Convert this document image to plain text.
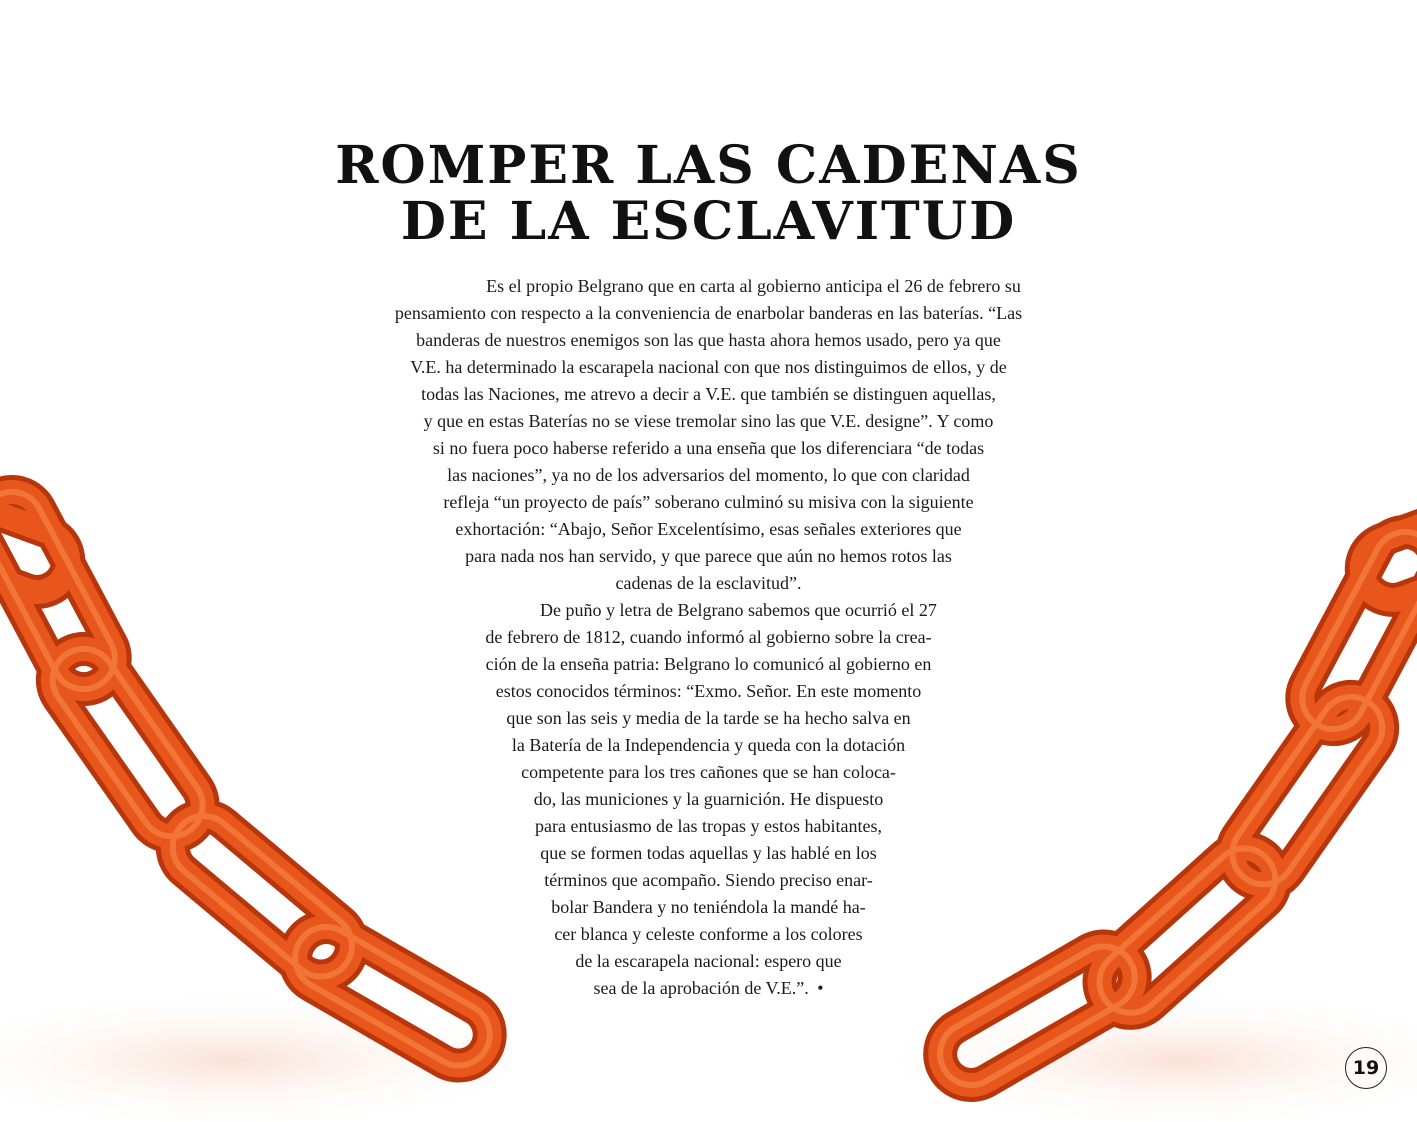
ROMPER LAS CADENAS
DE LA ESCLAVITUD
Es el propio Belgrano que en carta al gobierno anticipa el 26 de febrero su
pensamiento con respecto a la conveniencia de enarbolar banderas en las baterías. “Las
banderas de nuestros enemigos son las que hasta ahora hemos usado, pero ya que
V.E. ha determinado la escarapela nacional con que nos distinguimos de ellos, y de
todas las Naciones, me atrevo a decir a V.E. que también se distinguen aquellas,
y que en estas Baterías no se viese tremolar sino las que V.E. designe”. Y como
si no fuera poco haberse referido a una enseña que los diferenciara “de todas
las naciones”, ya no de los adversarios del momento, lo que con claridad
refleja “un proyecto de país” soberano culminó su misiva con la siguiente
exhortación: “Abajo, Señor Excelentísimo, esas señales exteriores que
para nada nos han servido, y que parece que aún no hemos rotos las
cadenas de la esclavitud”.
De puño y letra de Belgrano sabemos que ocurrió el 27
de febrero de 1812, cuando informó al gobierno sobre la crea-
ción de la enseña patria: Belgrano lo comunicó al gobierno en
estos conocidos términos: “Exmo. Señor. En este momento
que son las seis y media de la tarde se ha hecho salva en
la Batería de la Independencia y queda con la dotación
competente para los tres cañones que se han coloca-
do, las municiones y la guarnición. He dispuesto
para entusiasmo de las tropas y estos habitantes,
que se formen todas aquellas y las hablé en los
términos que acompaño. Siendo preciso enar-
bolar Bandera y no teniéndola la mandé ha-
cer blanca y celeste conforme a los colores
de la escarapela nacional: espero que
sea de la aprobación de V.E.”. •
19
